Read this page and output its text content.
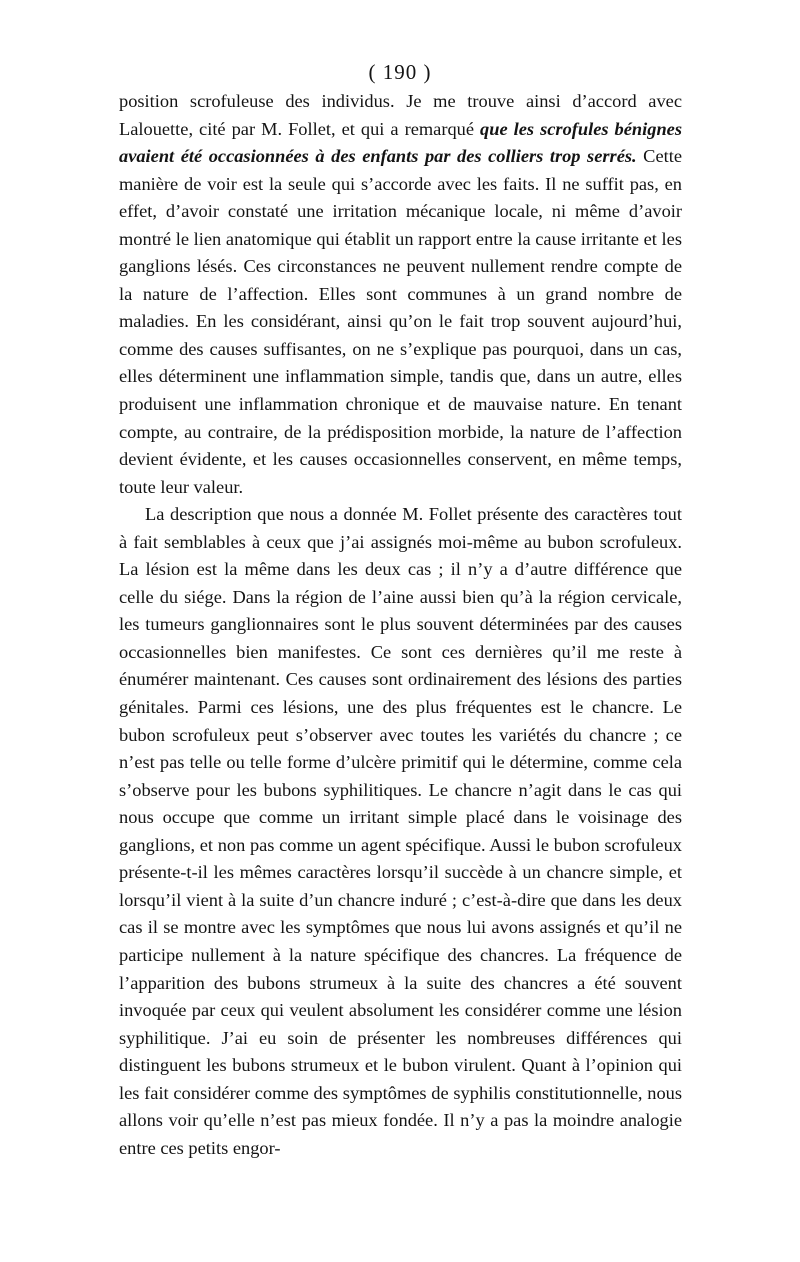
( 190 )

position scrofuleuse des individus. Je me trouve ainsi d’accord avec Lalouette, cité par M. Follet, et qui a remarqué que les scrofules bénignes avaient été occasionnées à des enfants par des colliers trop serrés. Cette manière de voir est la seule qui s’accorde avec les faits. Il ne suffit pas, en effet, d’avoir constaté une irritation mécanique locale, ni même d’avoir montré le lien anatomique qui établit un rapport entre la cause irritante et les ganglions lésés. Ces circonstances ne peuvent nullement rendre compte de la nature de l’affection. Elles sont communes à un grand nombre de maladies. En les considérant, ainsi qu’on le fait trop souvent aujourd’hui, comme des causes suffisantes, on ne s’explique pas pourquoi, dans un cas, elles déterminent une inflammation simple, tandis que, dans un autre, elles produisent une inflammation chronique et de mauvaise nature. En tenant compte, au contraire, de la prédisposition morbide, la nature de l’affection devient évidente, et les causes occasionnelles conservent, en même temps, toute leur valeur.

La description que nous a donnée M. Follet présente des caractères tout à fait semblables à ceux que j’ai assignés moi-même au bubon scrofuleux. La lésion est la même dans les deux cas ; il n’y a d’autre différence que celle du siége. Dans la région de l’aine aussi bien qu’à la région cervicale, les tumeurs ganglionnaires sont le plus souvent déterminées par des causes occasionnelles bien manifestes. Ce sont ces dernières qu’il me reste à énumérer maintenant. Ces causes sont ordinairement des lésions des parties génitales. Parmi ces lésions, une des plus fréquentes est le chancre. Le bubon scrofuleux peut s’observer avec toutes les variétés du chancre ; ce n’est pas telle ou telle forme d’ulcère primitif qui le détermine, comme cela s’observe pour les bubons syphilitiques. Le chancre n’agit dans le cas qui nous occupe que comme un irritant simple placé dans le voisinage des ganglions, et non pas comme un agent spécifique. Aussi le bubon scrofuleux présente-t-il les mêmes caractères lorsqu’il succède à un chancre simple, et lorsqu’il vient à la suite d’un chancre induré ; c’est-à-dire que dans les deux cas il se montre avec les symptômes que nous lui avons assignés et qu’il ne participe nullement à la nature spécifique des chancres. La fréquence de l’apparition des bubons strumeux à la suite des chancres a été souvent invoquée par ceux qui veulent absolument les considérer comme une lésion syphilitique. J’ai eu soin de présenter les nombreuses différences qui distinguent les bubons strumeux et le bubon virulent. Quant à l’opinion qui les fait considérer comme des symptômes de syphilis constitutionnelle, nous allons voir qu’elle n’est pas mieux fondée. Il n’y a pas la moindre analogie entre ces petits engor-
